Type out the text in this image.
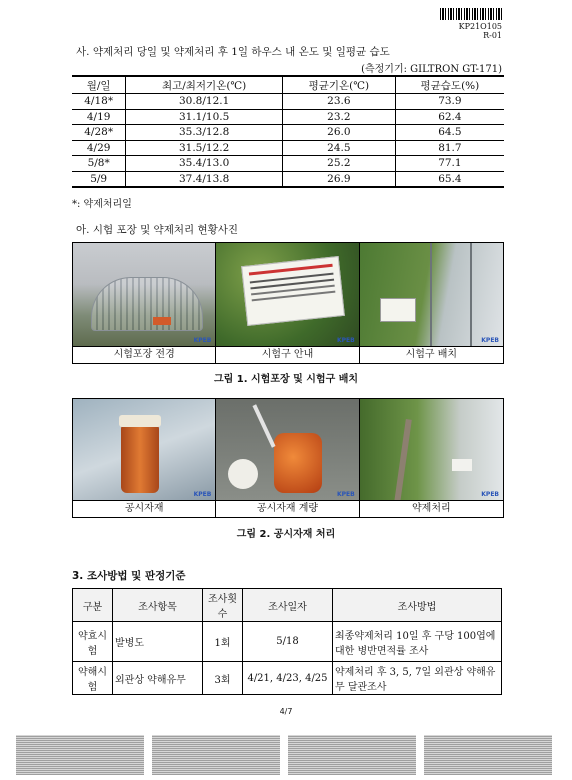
KP21O105
R-01
사. 약제처리 당일 및 약제처리 후 1일 하우스 내 온도 및 일평균 습도
(측정기기: GILTRON GT-171)
월/일	최고/최저기온(℃)	평균기온(℃)	평균습도(%)
4/18*	30.8/12.1	23.6	73.9
4/19	31.1/10.5	23.2	62.4
4/28*	35.3/12.8	26.0	64.5
4/29	31.5/12.2	24.5	81.7
5/8*	35.4/13.0	25.2	77.1
5/9	37.4/13.8	26.9	65.4
*: 약제처리일
아. 시험 포장 및 약제처리 현황사진
KPEB
시험포장 전경
KPEB
시험구 안내
KPEB
시험구 배치
그림 1. 시험포장 및 시험구 배치
KPEB
공시자재
KPEB
공시자재 계량
KPEB
약제처리
그림 2. 공시자재 처리
3. 조사방법 및 판정기준
구분	조사항목	조사횟수	조사일자	조사방법
약효시험	발병도	1회	5/18	최종약제처리 10일 후 구당 100엽에 대한 병반면적률 조사
약해시험	외관상 약해유무	3회	4/21, 4/23, 4/25	약제처리 후 3, 5, 7일 외관상 약해유무 달관조사
4/7
